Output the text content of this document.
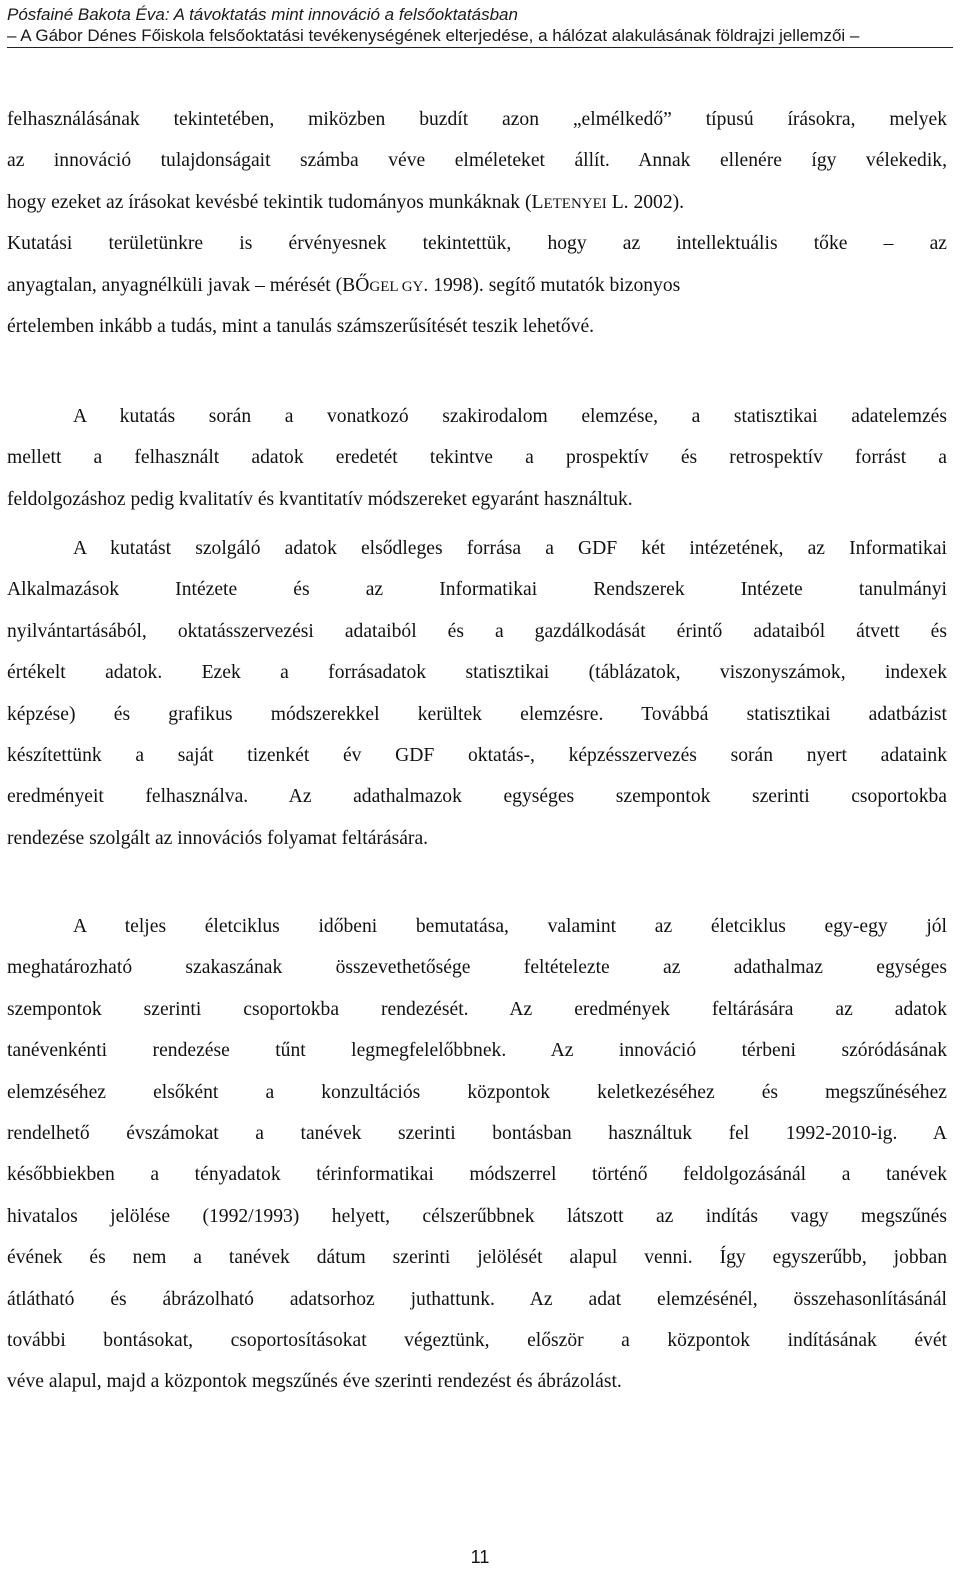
Pósfainé Bakota Éva: A távoktatás mint innováció a felsőoktatásban
– A Gábor Dénes Főiskola felsőoktatási tevékenységének elterjedése, a hálózat alakulásának földrajzi jellemzői –
felhasználásának tekintetében, miközben buzdít azon „elmélkedő” típusú írásokra, melyek
az innováció tulajdonságait számba véve elméleteket állít. Annak ellenére így vélekedik,
hogy ezeket az írásokat kevésbé tekintik tudományos munkáknak (LETENYEI L. 2002).
Kutatási területünkre is érvényesnek tekintettük, hogy az intellektuális tőke – az
anyagtalan, anyagnélküli javak – mérését (BŐGEL GY. 1998). segítő mutatók bizonyos
értelemben inkább a tudás, mint a tanulás számszerűsítését teszik lehetővé.
A kutatás során a vonatkozó szakirodalom elemzése, a statisztikai adatelemzés
mellett a felhasznált adatok eredetét tekintve a prospektív és retrospektív forrást a
feldolgozáshoz pedig kvalitatív és kvantitatív módszereket egyaránt használtuk.
A kutatást szolgáló adatok elsődleges forrása a GDF két intézetének, az Informatikai
Alkalmazások Intézete és az Informatikai Rendszerek Intézete tanulmányi
nyilvántartásából, oktatásszervezési adataiból és a gazdálkodását érintő adataiból átvett és
értékelt adatok. Ezek a forrásadatok statisztikai (táblázatok, viszonyszámok, indexek
képzése) és grafikus módszerekkel kerültek elemzésre. Továbbá statisztikai adatbázist
készítettünk a saját tizenkét év GDF oktatás-, képzésszervezés során nyert adataink
eredményeit felhasználva. Az adathalmazok egységes szempontok szerinti csoportokba
rendezése szolgált az innovációs folyamat feltárására.
A teljes életciklus időbeni bemutatása, valamint az életciklus egy-egy jól
meghatározható szakaszának összevethetősége feltételezte az adathalmaz egységes
szempontok szerinti csoportokba rendezését. Az eredmények feltárására az adatok
tanévenkénti rendezése tűnt legmegfelelőbbnek. Az innováció térbeni szóródásának
elemzéséhez elsőként a konzultációs központok keletkezéséhez és megszűnéséhez
rendelhető évszámokat a tanévek szerinti bontásban használtuk fel 1992-2010-ig. A
későbbiekben a tényadatok térinformatikai módszerrel történő feldolgozásánál a tanévek
hivatalos jelölése (1992/1993) helyett, célszerűbbnek látszott az indítás vagy megszűnés
évének és nem a tanévek dátum szerinti jelölését alapul venni. Így egyszerűbb, jobban
átlátható és ábrázolható adatsorhoz juthattunk. Az adat elemzésénél, összehasonlításánál
további bontásokat, csoportosításokat végeztünk, először a központok indításának évét
véve alapul, majd a központok megszűnés éve szerinti rendezést és ábrázolást.
11
